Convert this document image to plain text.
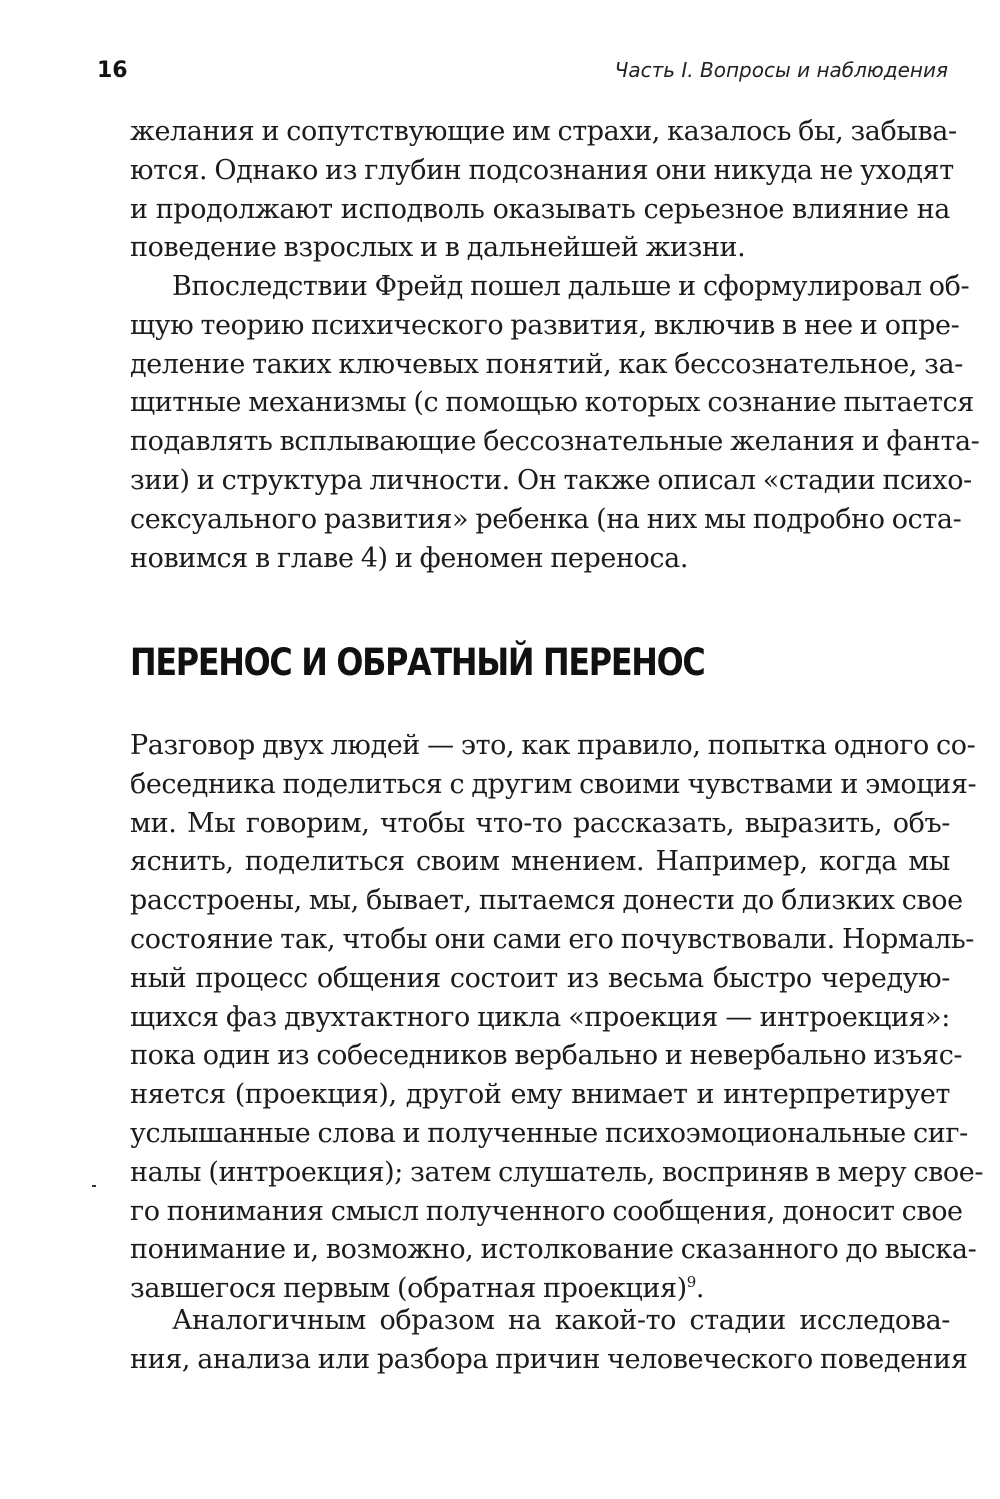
16	Часть I. Вопросы и наблюдения
желания и сопутствующие им страхи, казалось бы, забыва-
ются. Однако из глубин подсознания они никуда не уходят
и продолжают исподволь оказывать серьезное влияние на
поведение взрослых и в дальнейшей жизни.
Впоследствии Фрейд пошел дальше и сформулировал об-
щую теорию психического развития, включив в нее и опре-
деление таких ключевых понятий, как бессознательное, за-
щитные механизмы (с помощью которых сознание пытается
подавлять всплывающие бессознательные желания и фанта-
зии) и структура личности. Он также описал «стадии психо-
сексуального развития» ребенка (на них мы подробно оста-
новимся в главе 4) и феномен переноса.
ПЕРЕНОС И ОБРАТНЫЙ ПЕРЕНОС
Разговор двух людей — это, как правило, попытка одного со-
беседника поделиться с другим своими чувствами и эмоция-
ми. Мы говорим, чтобы что-то рассказать, выразить, объ-
яснить, поделиться своим мнением. Например, когда мы
расстроены, мы, бывает, пытаемся донести до близких свое
состояние так, чтобы они сами его почувствовали. Нормаль-
ный процесс общения состоит из весьма быстро чередую-
щихся фаз двухтактного цикла «проекция — интроекция»:
пока один из собеседников вербально и невербально изъяс-
няется (проекция), другой ему внимает и интерпретирует
услышанные слова и полученные психоэмоциональные сиг-
налы (интроекция); затем слушатель, восприняв в меру свое-
го понимания смысл полученного сообщения, доносит свое
понимание и, возможно, истолкование сказанного до выска-
завшегося первым (обратная проекция)$^9$.
Аналогичным образом на какой-то стадии исследова-
ния, анализа или разбора причин человеческого поведения
